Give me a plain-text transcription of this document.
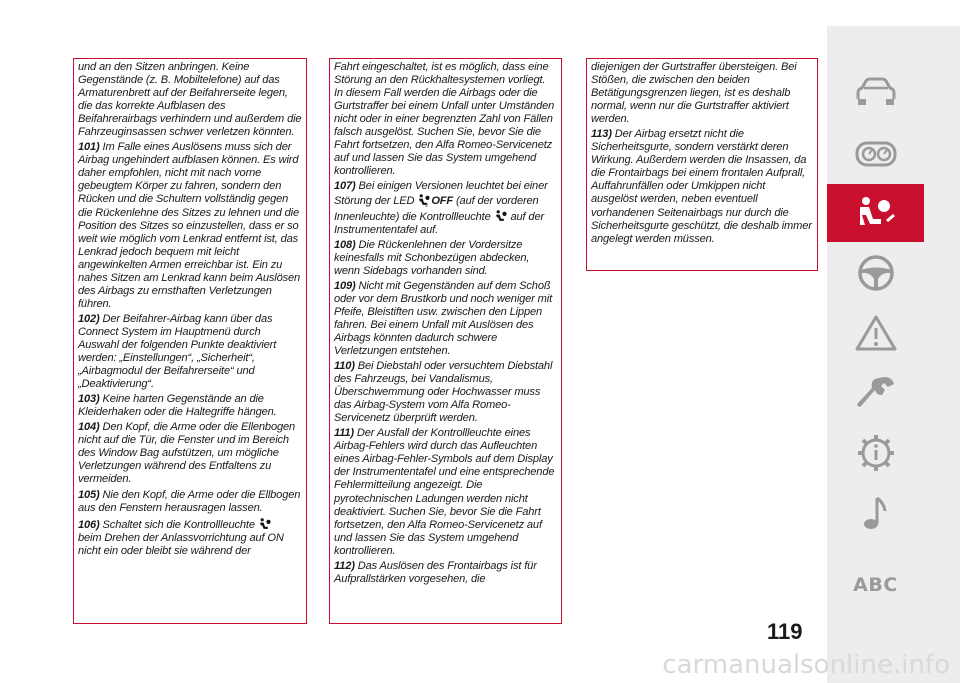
und an den Sitzen anbringen. Keine Gegenstände (z. B. Mobiltelefone) auf das Armaturenbrett auf der Beifahrerseite legen, die das korrekte Aufblasen des Beifahrerairbags verhindern und außerdem die Fahrzeuginsassen schwer verletzen könnten.

101) Im Falle eines Auslösens muss sich der Airbag ungehindert aufblasen können. Es wird daher empfohlen, nicht mit nach vorne gebeugtem Körper zu fahren, sondern den Rücken und die Schultern vollständig gegen die Rückenlehne des Sitzes zu lehnen und die Position des Sitzes so einzustellen, dass er so weit wie möglich vom Lenkrad entfernt ist, das Lenkrad jedoch bequem mit leicht angewinkelten Armen erreichbar ist. Ein zu nahes Sitzen am Lenkrad kann beim Auslösen des Airbags zu ernsthaften Verletzungen führen.

102) Der Beifahrer-Airbag kann über das Connect System im Hauptmenü durch Auswahl der folgenden Punkte deaktiviert werden: „Einstellungen“, „Sicherheit“, „Airbagmodul der Beifahrerseite“ und „Deaktivierung“.

103) Keine harten Gegenstände an die Kleiderhaken oder die Haltegriffe hängen.

104) Den Kopf, die Arme oder die Ellenbogen nicht auf die Tür, die Fenster und im Bereich des Window Bag aufstützen, um mögliche Verletzungen während des Entfaltens zu vermeiden.

105) Nie den Kopf, die Arme oder die Ellbogen aus den Fenstern herausragen lassen.

106) Schaltet sich die Kontrollleuchte
beim Drehen der Anlassvorrichtung auf ON nicht ein oder bleibt sie während der

Fahrt eingeschaltet, ist es möglich, dass eine Störung an den Rückhaltesystemen vorliegt. In diesem Fall werden die Airbags oder die Gurtstraffer bei einem Unfall unter Umständen nicht oder in einer begrenzten Zahl von Fällen falsch ausgelöst. Suchen Sie, bevor Sie die Fahrt fortsetzen, den Alfa Romeo-Servicenetz auf und lassen Sie das System umgehend kontrollieren.

107) Bei einigen Versionen leuchtet bei einer Störung der LED 2 OFF (auf der vorderen Innenleuchte) die Kontrollleuchte auf der Instrumententafel auf.

108) Die Rückenlehnen der Vordersitze keinesfalls mit Schonbezügen abdecken, wenn Sidebags vorhanden sind.

109) Nicht mit Gegenständen auf dem Schoß oder vor dem Brustkorb und noch weniger mit Pfeife, Bleistiften usw. zwischen den Lippen fahren. Bei einem Unfall mit Auslösen des Airbags könnten dadurch schwere Verletzungen entstehen.

110) Bei Diebstahl oder versuchtem Diebstahl des Fahrzeugs, bei Vandalismus, Überschwemmung oder Hochwasser muss das Airbag-System vom Alfa Romeo-Servicenetz überprüft werden.

111) Der Ausfall der Kontrollleuchte eines Airbag-Fehlers wird durch das Aufleuchten eines Airbag-Fehler-Symbols auf dem Display der Instrumententafel und eine entsprechende Fehlermitteilung angezeigt. Die pyrotechnischen Ladungen werden nicht deaktiviert. Suchen Sie, bevor Sie die Fahrt fortsetzen, den Alfa Romeo-Servicenetz auf und lassen Sie das System umgehend kontrollieren.

112) Das Auslösen des Frontairbags ist für Aufprallstärken vorgesehen, die

diejenigen der Gurtstraffer übersteigen. Bei Stößen, die zwischen den beiden Betätigungsgrenzen liegen, ist es deshalb normal, wenn nur die Gurtstraffer aktiviert werden.

113) Der Airbag ersetzt nicht die Sicherheitsgurte, sondern verstärkt deren Wirkung. Außerdem werden die Insassen, da die Frontairbags bei einem frontalen Aufprall, Auffahrunfällen oder Umkippen nicht ausgelöst werden, neben eventuell vorhandenen Seitenairbags nur durch die Sicherheitsgurte geschützt, die deshalb immer angelegt werden müssen.

ABC
119
carmanualsonline.info
